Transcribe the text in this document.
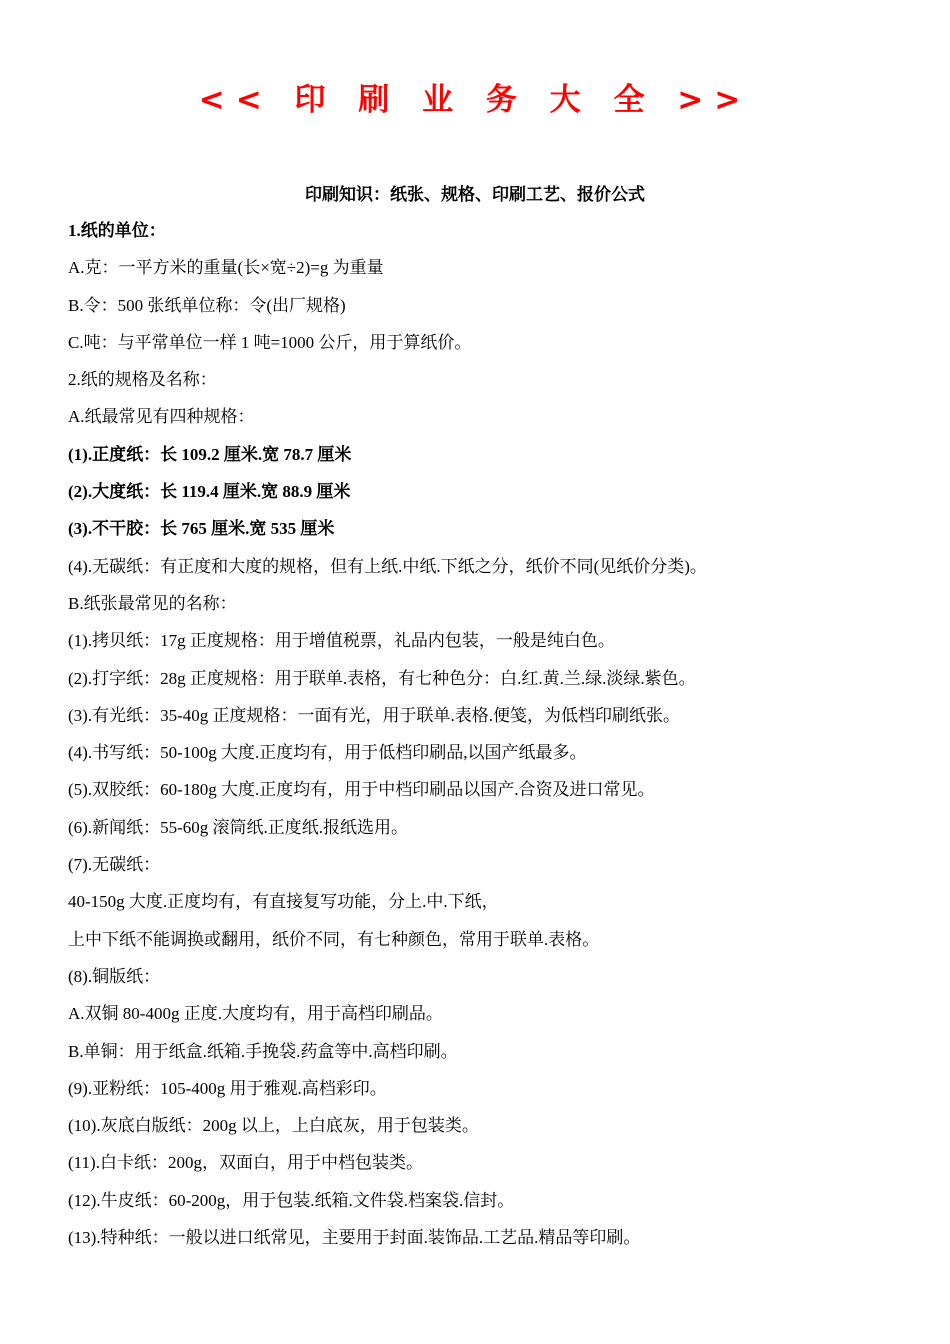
<< 印 刷 业 务 大 全 >>
印刷知识：纸张、规格、印刷工艺、报价公式
1.纸的单位：
A.克：一平方米的重量(长×宽÷2)=g 为重量
B.令：500 张纸单位称：令(出厂规格)
C.吨：与平常单位一样 1 吨=1000 公斤，用于算纸价。
2.纸的规格及名称：
A.纸最常见有四种规格：
(1).正度纸：长 109.2 厘米.宽 78.7 厘米
(2).大度纸：长 119.4 厘米.宽 88.9 厘米
(3).不干胶：长 765 厘米.宽 535 厘米
(4).无碳纸：有正度和大度的规格，但有上纸.中纸.下纸之分，纸价不同(见纸价分类)。
B.纸张最常见的名称：
(1).拷贝纸：17g 正度规格：用于增值税票，礼品内包装，一般是纯白色。
(2).打字纸：28g 正度规格：用于联单.表格，有七种色分：白.红.黄.兰.绿.淡绿.紫色。
(3).有光纸：35-40g 正度规格：一面有光，用于联单.表格.便笺，为低档印刷纸张。
(4).书写纸：50-100g 大度.正度均有，用于低档印刷品,以国产纸最多。
(5).双胶纸：60-180g 大度.正度均有，用于中档印刷品以国产.合资及进口常见。
(6).新闻纸：55-60g 滚筒纸.正度纸.报纸选用。
(7).无碳纸：
40-150g 大度.正度均有，有直接复写功能，分上.中.下纸，
上中下纸不能调换或翻用，纸价不同，有七种颜色，常用于联单.表格。
(8).铜版纸：
A.双铜 80-400g 正度.大度均有，用于高档印刷品。
B.单铜：用于纸盒.纸箱.手挽袋.药盒等中.高档印刷。
(9).亚粉纸：105-400g 用于雅观.高档彩印。
(10).灰底白版纸：200g 以上，上白底灰，用于包装类。
(11).白卡纸：200g，双面白，用于中档包装类。
(12).牛皮纸：60-200g，用于包装.纸箱.文件袋.档案袋.信封。
(13).特种纸：一般以进口纸常见，主要用于封面.装饰品.工艺品.精品等印刷。
